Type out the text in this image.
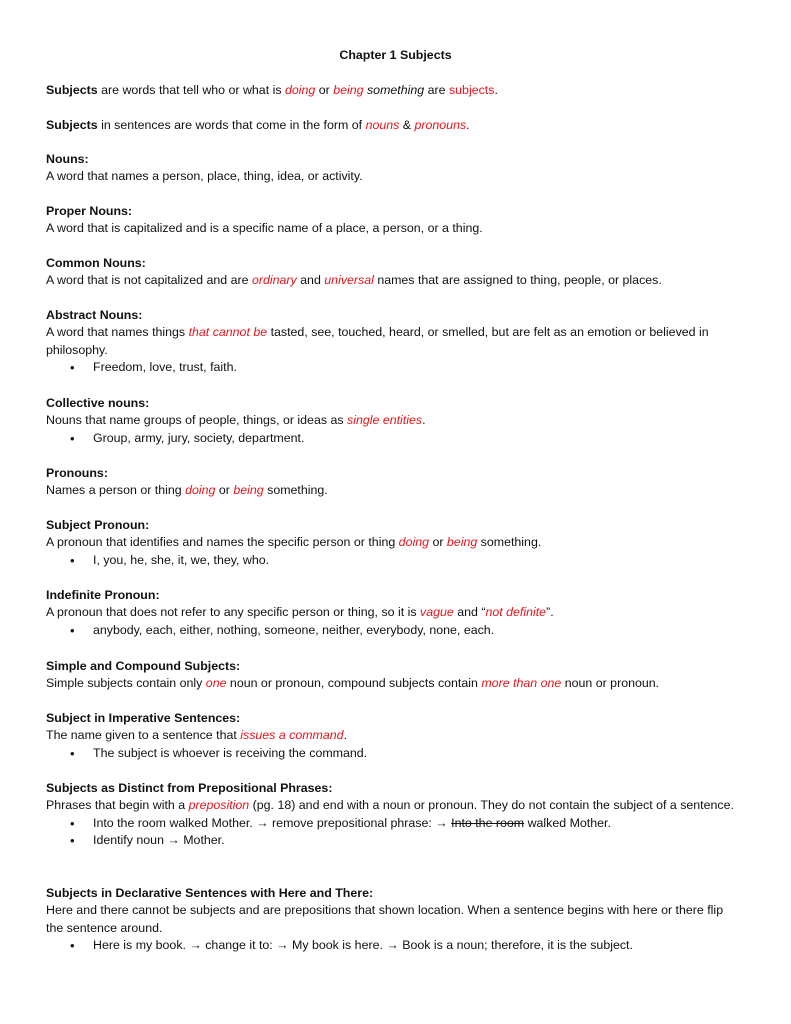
Chapter 1 Subjects

Subjects are words that tell who or what is doing or being something are subjects.

Subjects in sentences are words that come in the form of nouns & pronouns.

Nouns:

A word that names a person, place, thing, idea, or activity.

Proper Nouns:

A word that is capitalized and is a specific name of a place, a person, or a thing.

Common Nouns:

A word that is not capitalized and are ordinary and universal names that are assigned to thing, people, or places.

Abstract Nouns:

A word that names things that cannot be tasted, see, touched, heard, or smelled, but are felt as an emotion or believed in philosophy.

• Freedom, love, trust, faith.

Collective nouns:

Nouns that name groups of people, things, or ideas as single entities.

• Group, army, jury, society, department.

Pronouns:

Names a person or thing doing or being something.

Subject Pronoun:

A pronoun that identifies and names the specific person or thing doing or being something.

• I, you, he, she, it, we, they, who.

Indefinite Pronoun:

A pronoun that does not refer to any specific person or thing, so it is vague and “not definite”.

• anybody, each, either, nothing, someone, neither, everybody, none, each.

Simple and Compound Subjects:

Simple subjects contain only one noun or pronoun, compound subjects contain more than one noun or pronoun.

Subject in Imperative Sentences:

The name given to a sentence that issues a command.

• The subject is whoever is receiving the command.

Subjects as Distinct from Prepositional Phrases:

Phrases that begin with a preposition (pg. 18) and end with a noun or pronoun. They do not contain the subject of a sentence.

• Into the room walked Mother. → remove prepositional phrase: → Into the room walked Mother.
• Identify noun → Mother.

Subjects in Declarative Sentences with Here and There:

Here and there cannot be subjects and are prepositions that shown location. When a sentence begins with here or there flip the sentence around.

• Here is my book. → change it to: → My book is here. → Book is a noun; therefore, it is the subject.
